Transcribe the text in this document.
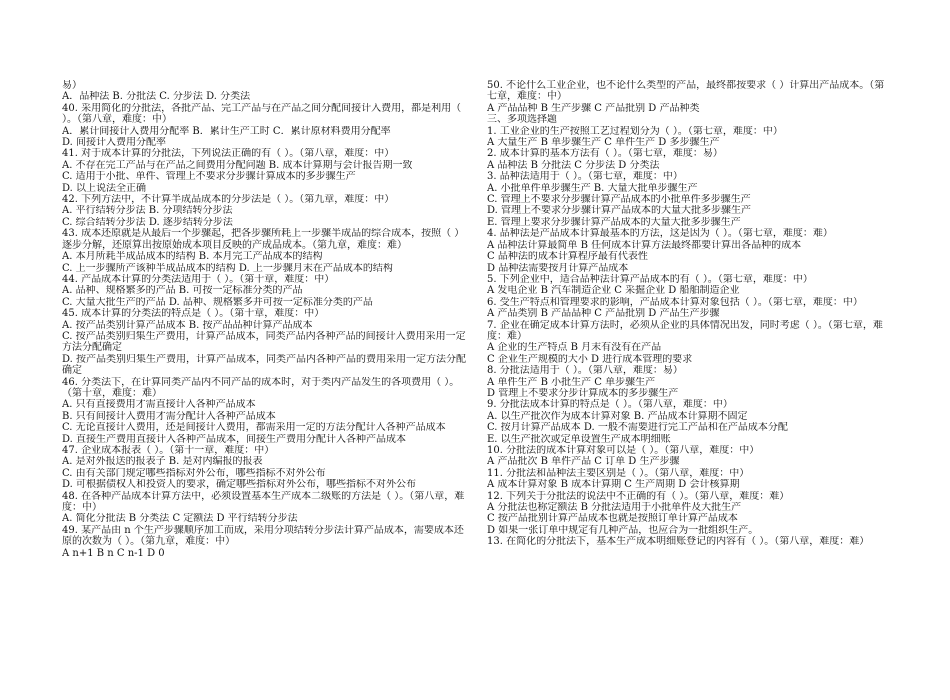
易）
A．品种法 B. 分批法 C. 分步法 D. 分类法
40. 采用简化的分批法，各批产品、完工产品与在产品之间分配间接计入费用，都是利用（ ）。（第八章，难度：中）
A．累计间接计入费用分配率 B．累计生产工时 C．累计原材料费用分配率
D. 间接计入费用分配率
41. 对于成本计算的分批法，下列说法正确的有（ ）。（第八章，难度：中）
A. 不存在完工产品与在产品之间费用分配问题 B. 成本计算期与会计报告期一致
C. 适用于小批、单件、管理上不要求分步骤计算成本的多步骤生产
D. 以上说法全正确
42. 下列方法中，不计算半成品成本的分步法是（ ）。（第九章，难度：中）
A. 平行结转分步法 B. 分项结转分步法
C. 综合结转分步法 D. 逐步结转分步法
43. 成本还原就是从最后一个步骤起，把各步骤所耗上一步骤半成品的综合成本，按照（ ）逐步分解，还原算出按原始成本项目反映的产成品成本。（第九章，难度：难）
A. 本月所耗半成品成本的结构 B. 本月完工产品成本的结构
C. 上一步骤所产该种半成品成本的结构 D. 上一步骤月末在产品成本的结构
44. 产品成本计算的分类法适用于（ ）。（第十章，难度：中）
A. 品种、规格繁多的产品 B. 可按一定标准分类的产品
C. 大量大批生产的产品 D. 品种、规格繁多并可按一定标准分类的产品
45. 成本计算的分类法的特点是（ ）。（第十章，难度：中）
A. 按产品类别计算产品成本 B. 按产品品种计算产品成本
C. 按产品类别归集生产费用，计算产品成本，同类产品内各种产品的间接计入费用采用一定方法分配确定
D. 按产品类别归集生产费用，计算产品成本，同类产品内各种产品的费用采用一定方法分配确定
46. 分类法下，在计算同类产品内不同产品的成本时，对于类内产品发生的各项费用（ ）。（第十章，难度：难）
A. 只有直接费用才需直接计入各种产品成本
B. 只有间接计入费用才需分配计入各种产品成本
C. 无论直接计入费用，还是间接计入费用，都需采用一定的方法分配计入各种产品成本
D. 直接生产费用直接计入各种产品成本，间接生产费用分配计入各种产品成本
47. 企业成本报表（ ）。（第十一章，难度：中）
A. 是对外报送的报表子 B. 是对内编报的报表
C. 由有关部门规定哪些指标对外公布，哪些指标不对外公布
D. 可根据债权人和投资人的要求，确定哪些指标对外公布，哪些指标不对外公布
48. 在各种产品成本计算方法中，必须设置基本生产成本二级账的方法是（ ）。（第八章，难度：中）
A. 简化分批法 B 分类法 C 定额法 D 平行结转分步法
49. 某产品由 n 个生产步骤顺序加工而成，采用分项结转分步法计算产品成本，需要成本还原的次数为（ ）。（第九章，难度：中）
A n+1 B n C n-1 D 0
50. 不论什么工业企业，也不论什么类型的产品，最终都按要求（ ）计算出产品成本。（第七章，难度：中）
A 产品品种 B 生产步骤 C 产品批别 D 产品种类
三、多项选择题
1. 工业企业的生产按照工艺过程划分为（ ）。（第七章，难度：中）
A 大量生产 B 单步骤生产 C 单件生产 D 多步骤生产
2. 成本计算的基本方法有（ ）。（第七章，难度：易）
A 品种法 B 分批法 C 分步法 D 分类法
3. 品种法适用于（ ）。（第七章，难度：中）
A. 小批单件单步骤生产 B. 大量大批单步骤生产
C. 管理上不要求分步骤计算产品成本的小批单件多步骤生产
D. 管理上不要求分步骤计算产品成本的大量大批多步骤生产
E. 管理上要求分步骤计算产品成本的大量大批多步骤生产
4. 品种法是产品成本计算最基本的方法，这是因为（ ）。（第七章，难度：难）
A 品种法计算最简单 B 任何成本计算方法最终都要计算出各品种的成本
C 品种法的成本计算程序最有代表性
D 品种法需要按月计算产品成本
5. 下列企业中，适合品种法计算产品成本的有（ ）。（第七章，难度：中）
A 发电企业 B 汽车制造企业 C 采掘企业 D 船舶制造企业
6. 受生产特点和管理要求的影响，产品成本计算对象包括（ ）。（第七章，难度：中）
A 产品类别 B 产品品种 C 产品批别 D 产品生产步骤
7. 企业在确定成本计算方法时，必须从企业的具体情况出发，同时考虑（ ）。（第七章，难度：难）
A 企业的生产特点 B 月末有没有在产品
C 企业生产规模的大小 D 进行成本管理的要求
8. 分批法适用于（ ）。（第八章，难度：易）
A 单件生产 B 小批生产 C 单步骤生产
D 管理上不要求分步计算成本的多步骤生产
9. 分批法成本计算的特点是（ ）。（第八章，难度：中）
A. 以生产批次作为成本计算对象 B. 产品成本计算期不固定
C. 按月计算产品成本 D. 一般不需要进行完工产品和在产品成本分配
E. 以生产批次或定单设置生产成本明细账
10. 分批法的成本计算对象可以是（ ）。（第八章，难度：中）
A 产品批次 B 单件产品 C 订单 D 生产步骤
11. 分批法和品种法主要区别是（ ）。（第八章，难度：中）
A 成本计算对象 B 成本计算期 C 生产周期 D 会计核算期
12. 下列关于分批法的说法中不正确的有（ ）。（第八章，难度：难）
A 分批法也称定额法 B 分批法适用于小批单件及大批生产
C 按产品批别计算产品成本也就是按照订单计算产品成本
D 如果一张订单中规定有几种产品，也应合为一批组织生产。
13. 在简化的分批法下，基本生产成本明细账登记的内容有（ ）。（第八章，难度：难）
